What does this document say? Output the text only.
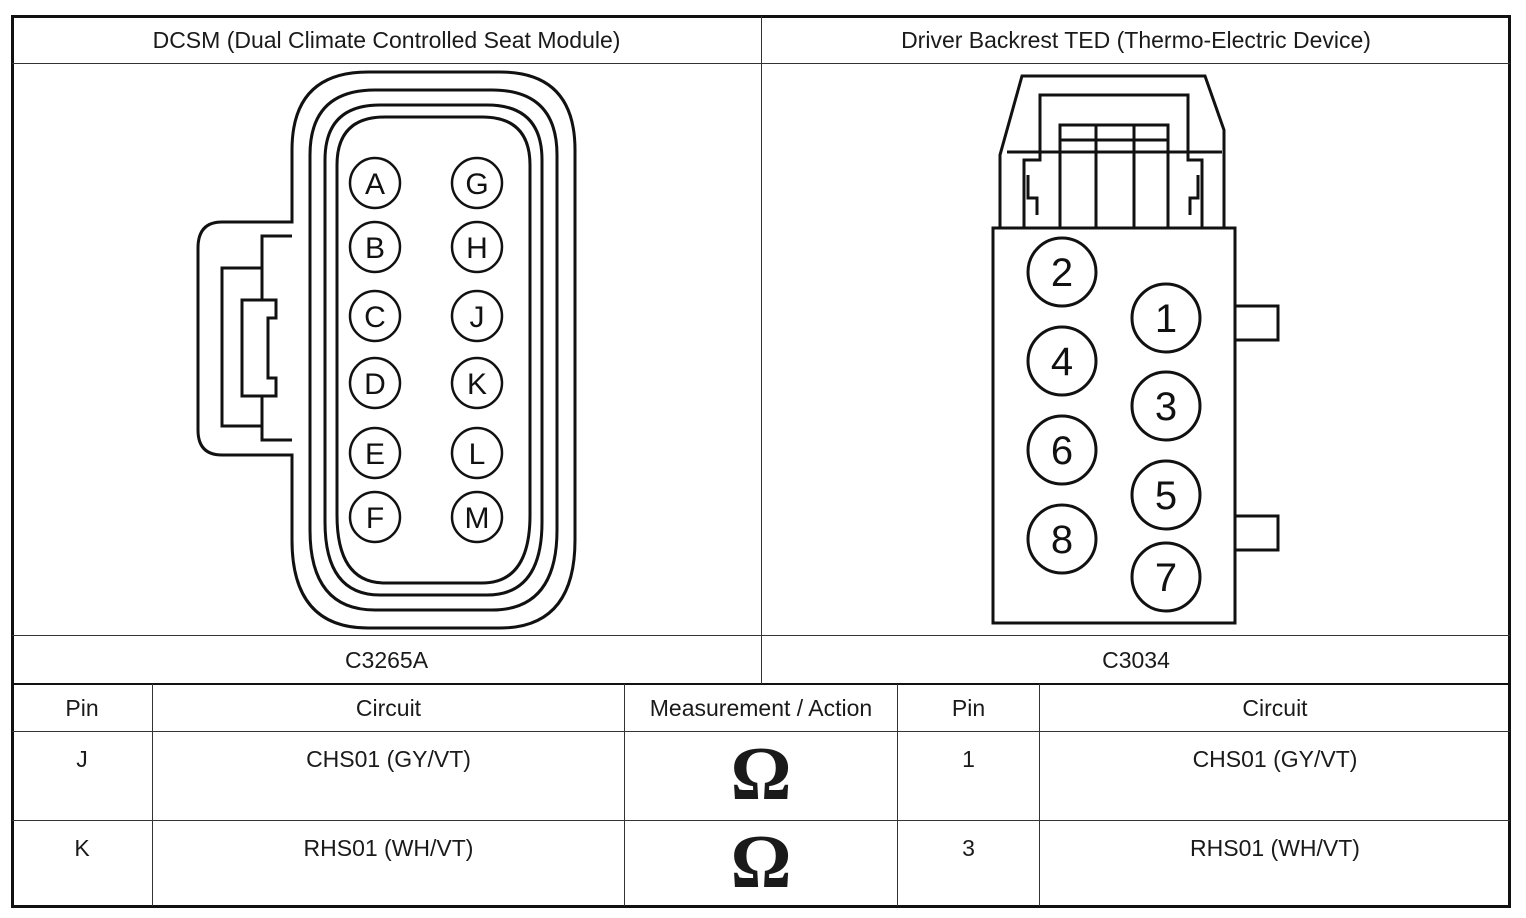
DCSM (Dual Climate Controlled Seat Module)	Driver Backrest TED (Thermo-Electric Device)
A
B
C
D
E
F
G
H
J
K
L
M
1
2
3
4
5
6
7
8
C3265A	C3034
Pin	Circuit	Measurement / Action	Pin	Circuit
J	CHS01 (GY/VT)	Ω	1	CHS01 (GY/VT)
K	RHS01 (WH/VT)	Ω	3	RHS01 (WH/VT)
